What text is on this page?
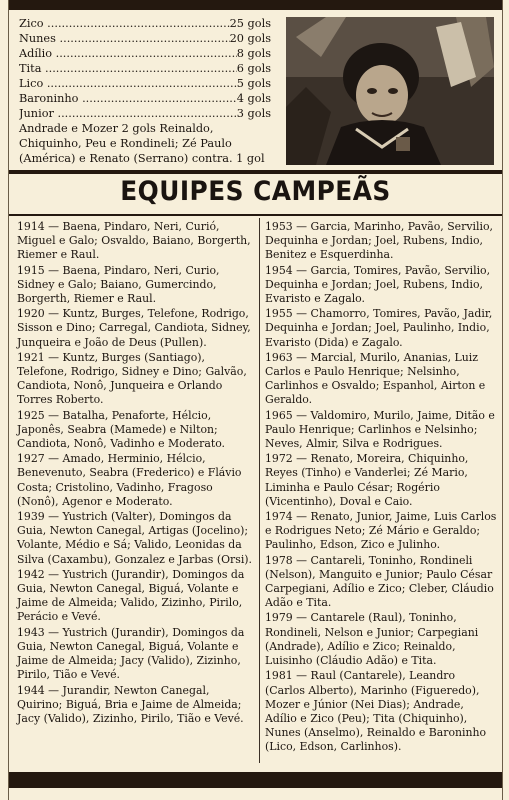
Zico .....	25 gols
Nunes .....	20 gols
Adílio .....	8 gols
Tita .....	6 gols
Lico .....	5 gols
Baroninho .....	4 gols
Junior .....	3 gols
Andrade e Mozer 2 gols Reinaldo, Chiquinho, Peu e Rondineli; Zé Paulo (América) e Renato (Serrano) contra. 1 gol
EQUIPES CAMPEÃS
1914 — Baena, Pindaro, Neri, Curió, Miguel e Galo; Osvaldo, Baiano, Borgerth, Riemer e Raul.
1915 — Baena, Pindaro, Neri, Curio, Sidney e Galo; Baiano, Gumercindo, Borgerth, Riemer e Raul.
1920 — Kuntz, Burges, Telefone, Rodrigo, Sisson e Dino; Carregal, Candiota, Sidney, Junqueira e João de Deus (Pullen).
1921 — Kuntz, Burges (Santiago), Telefone, Rodrigo, Sidney e Dino; Galvão, Candiota, Nonô, Junqueira e Orlando Torres Roberto.
1925 — Batalha, Penaforte, Hélcio, Japonês, Seabra (Mamede) e Nilton; Candiota, Nonô, Vadinho e Moderato.
1927 — Amado, Herminio, Hélcio, Benevenuto, Seabra (Frederico) e Flávio Costa; Cristolino, Vadinho, Fragoso (Nonô), Agenor e Moderato.
1939 — Yustrich (Valter), Domingos da Guia, Newton Canegal, Artigas (Jocelino); Volante, Médio e Sá; Valido, Leonidas da Silva (Caxambu), Gonzalez e Jarbas (Orsi).
1942 — Yustrich (Jurandir), Domingos da Guia, Newton Canegal, Biguá, Volante e Jaime de Almeida; Valido, Zizinho, Pirilo, Perácio e Vevé.
1943 — Yustrich (Jurandir), Domingos da Guia, Newton Canegal, Biguá, Volante e Jaime de Almeida; Jacy (Valido), Zizinho, Pirilo, Tião e Vevé.
1944 — Jurandir, Newton Canegal, Quirino; Biguá, Bria e Jaime de Almeida; Jacy (Valido), Zizinho, Pirilo, Tião e Vevé.
1953 — Garcia, Marinho, Pavão, Servilio, Dequinha e Jordan; Joel, Rubens, Indio, Benitez e Esquerdinha.
1954 — Garcia, Tomires, Pavão, Servilio, Dequinha e Jordan; Joel, Rubens, Indio, Evaristo e Zagalo.
1955 — Chamorro, Tomires, Pavão, Jadir, Dequinha e Jordan; Joel, Paulinho, Indio, Evaristo (Dida) e Zagalo.
1963 — Marcial, Murilo, Ananias, Luiz Carlos e Paulo Henrique; Nelsinho, Carlinhos e Osvaldo; Espanhol, Airton e Geraldo.
1965 — Valdomiro, Murilo, Jaime, Ditão e Paulo Henrique; Carlinhos e Nelsinho; Neves, Almir, Silva e Rodrigues.
1972 — Renato, Moreira, Chiquinho, Reyes (Tinho) e Vanderlei; Zé Mario, Liminha e Paulo César; Rogério (Vicentinho), Doval e Caio.
1974 — Renato, Junior, Jaime, Luis Carlos e Rodrigues Neto; Zé Mário e Geraldo; Paulinho, Edson, Zico e Julinho.
1978 — Cantareli, Toninho, Rondineli (Nelson), Manguito e Junior; Paulo César Carpegiani, Adílio e Zico; Cleber, Cláudio Adão e Tita.
1979 — Cantarele (Raul), Toninho, Rondineli, Nelson e Junior; Carpegiani (Andrade), Adílio e Zico; Reinaldo, Luisinho (Cláudio Adão) e Tita.
1981 — Raul (Cantarele), Leandro (Carlos Alberto), Marinho (Figueredo), Mozer e Júnior (Nei Dias); Andrade, Adílio e Zico (Peu); Tita (Chiquinho), Nunes (Anselmo), Reinaldo e Baroninho (Lico, Edson, Carlinhos).
